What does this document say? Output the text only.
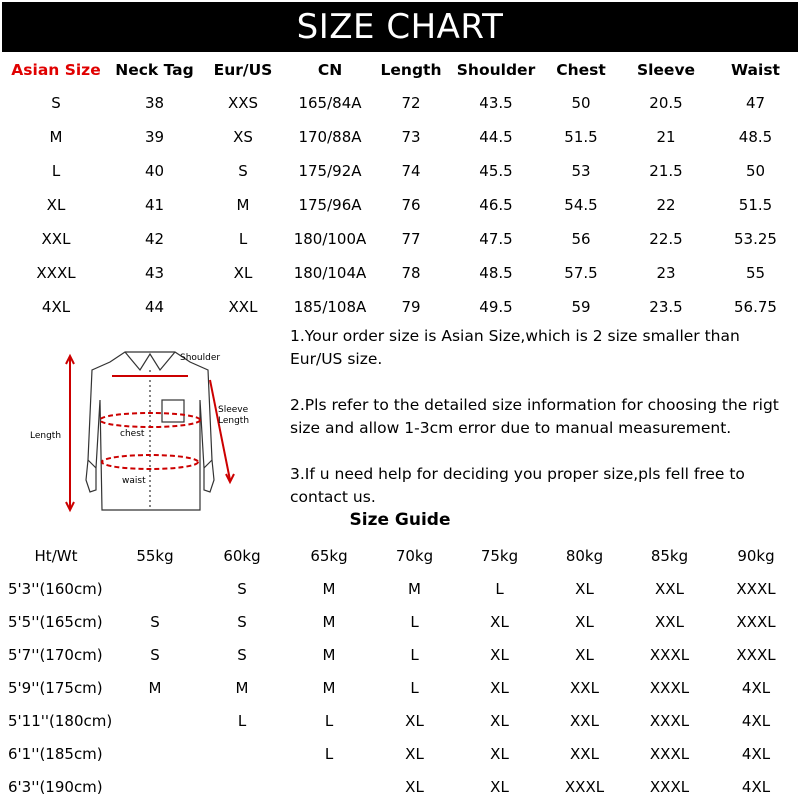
SIZE CHART
Asian Size	Neck Tag	Eur/US	CN	Length	Shoulder	Chest	Sleeve	Waist
S	38	XXS	165/84A	72	43.5	50	20.5	47
M	39	XS	170/88A	73	44.5	51.5	21	48.5
L	40	S	175/92A	74	45.5	53	21.5	50
XL	41	M	175/96A	76	46.5	54.5	22	51.5
XXL	42	L	180/100A	77	47.5	56	22.5	53.25
XXXL	43	XL	180/104A	78	48.5	57.5	23	55
4XL	44	XXL	185/108A	79	49.5	59	23.5	56.75
Shoulder
Sleeve
Length
Length	chest
waist

1.Your order size is Asian Size,which is 2 size smaller than Eur/US size.

2.Pls refer to the detailed size information for choosing the rigt size and allow 1-3cm error due to manual measurement.

3.If u need help for deciding you proper size,pls fell free to contact us.

Size Guide
Ht/Wt	55kg	60kg	65kg	70kg	75kg	80kg	85kg	90kg
5'3''(160cm)		S	M	M	L	XL	XXL	XXXL
5'5''(165cm)	S	S	M	L	XL	XL	XXL	XXXL
5'7''(170cm)	S	S	M	L	XL	XL	XXXL	XXXL
5'9''(175cm)	M	M	M	L	XL	XXL	XXXL	4XL
5'11''(180cm)		L	L	XL	XL	XXL	XXXL	4XL
6'1''(185cm)			L	XL	XL	XXL	XXXL	4XL
6'3''(190cm)				XL	XL	XXXL	XXXL	4XL
